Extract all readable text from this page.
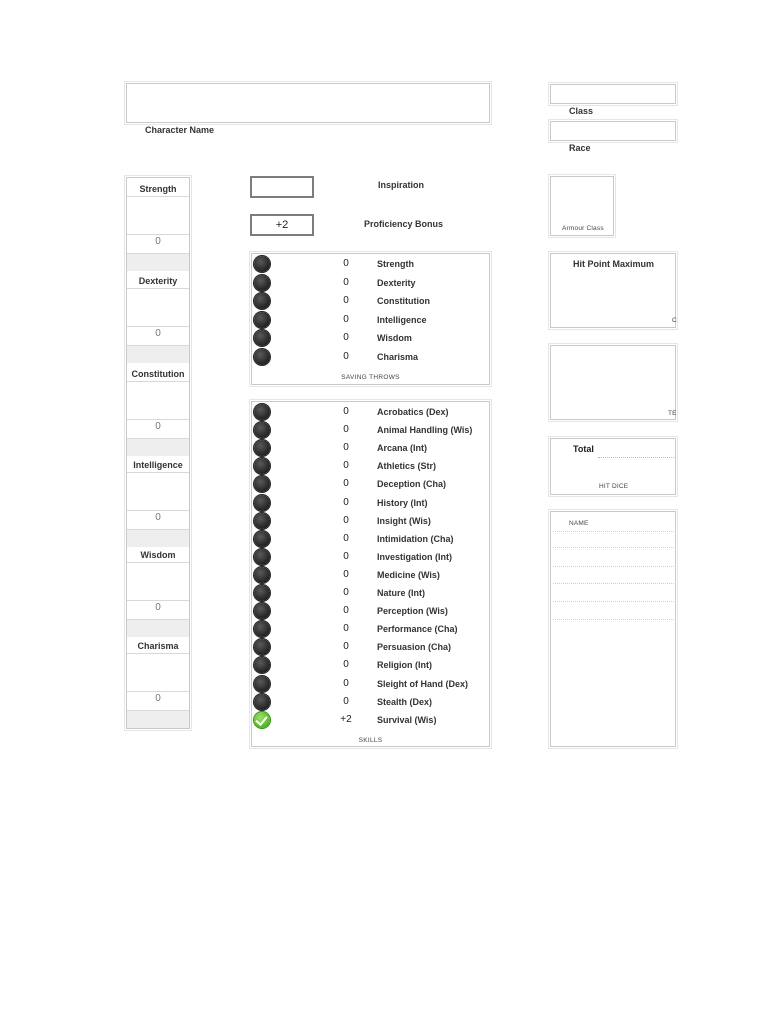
Character Name
Class
Race
Strength
0
Dexterity
0
Constitution
0
Intelligence
0
Wisdom
0
Charisma
0
Inspiration
+2	Proficiency Bonus
0	Strength
0	Dexterity
0	Constitution
0	Intelligence
0	Wisdom
0	Charisma
SAVING THROWS
0	Acrobatics (Dex)
0	Animal Handling (Wis)
0	Arcana (Int)
0	Athletics (Str)
0	Deception (Cha)
0	History (Int)
0	Insight (Wis)
0	Intimidation (Cha)
0	Investigation (Int)
0	Medicine (Wis)
0	Nature (Int)
0	Perception (Wis)
0	Performance (Cha)
0	Persuasion (Cha)
0	Religion (Int)
0	Sleight of Hand (Dex)
0	Stealth (Dex)
+2	Survival (Wis)
SKILLS
Armour Class
Hit Point Maximum
C
TE
Total
HIT DICE
NAME
